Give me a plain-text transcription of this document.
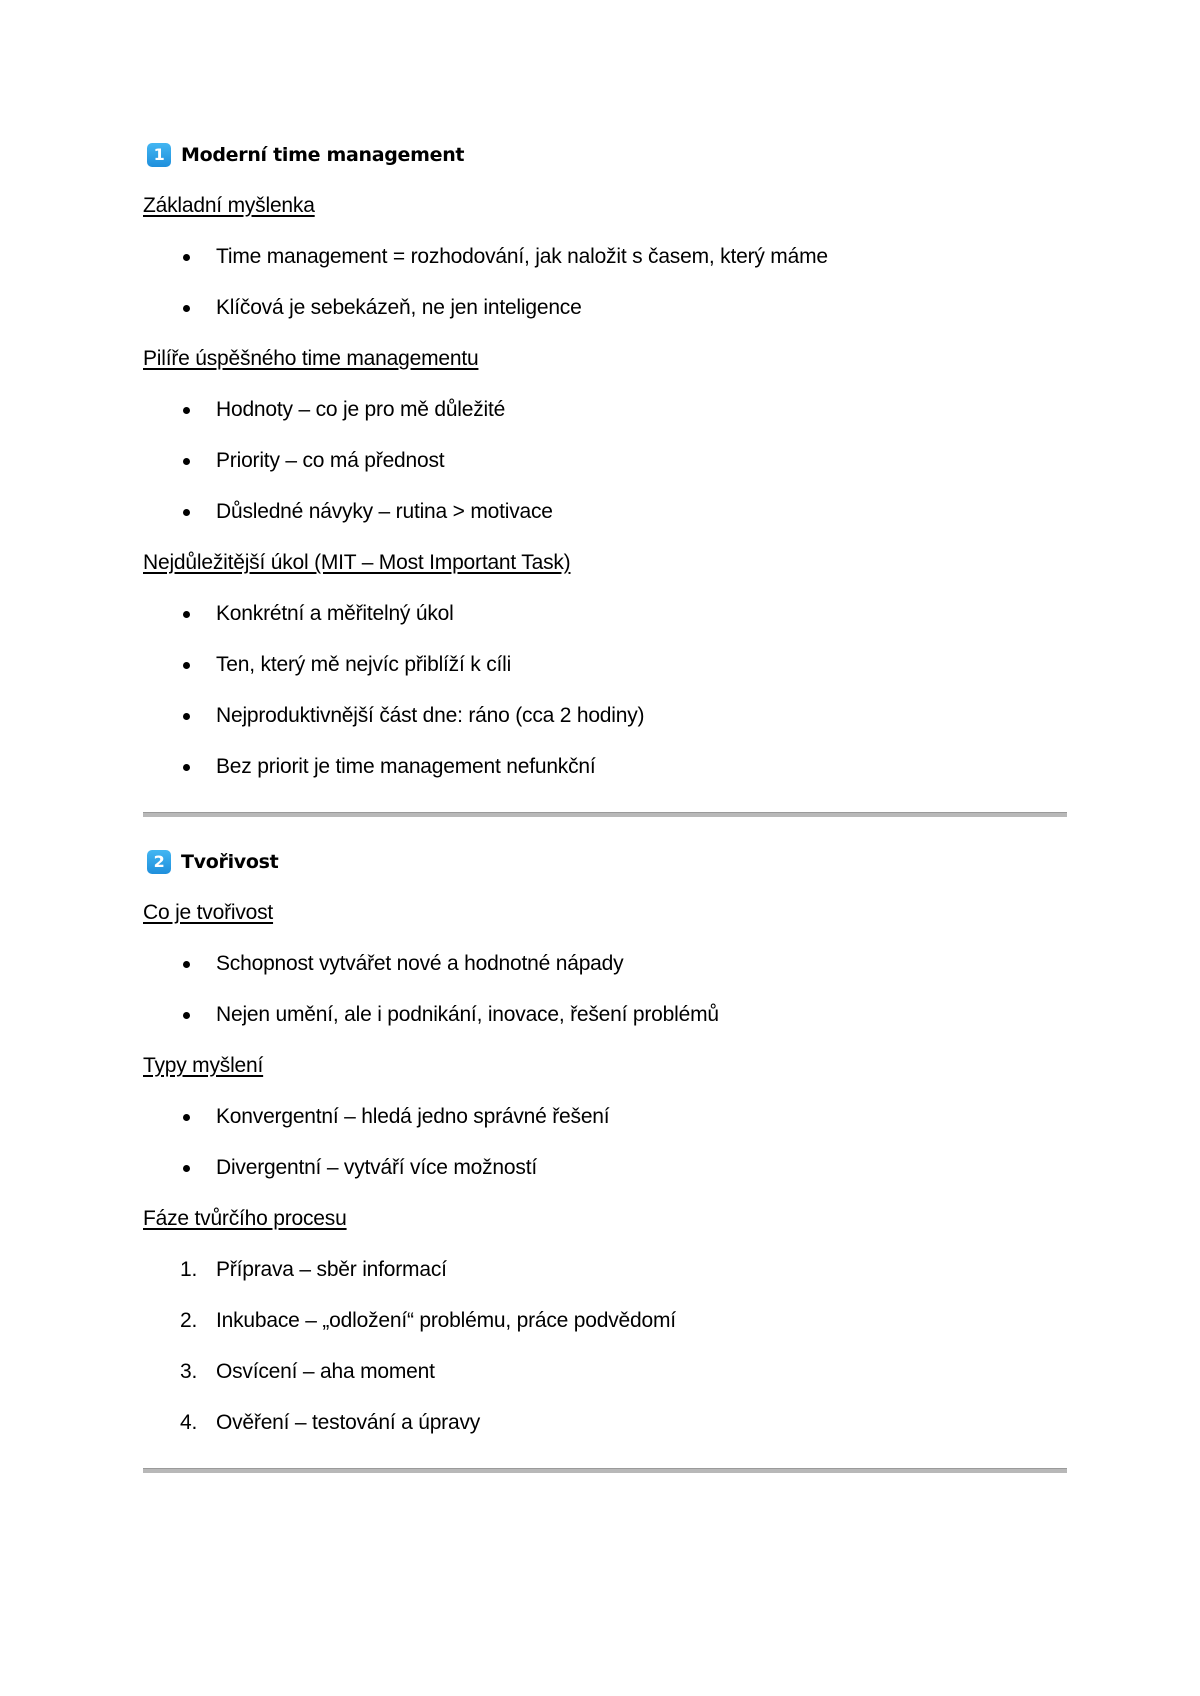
1 Moderní time management
Základní myšlenka
Time management = rozhodování, jak naložit s časem, který máme
Klíčová je sebekázeň, ne jen inteligence
Pilíře úspěšného time managementu
Hodnoty – co je pro mě důležité
Priority – co má přednost
Důsledné návyky – rutina > motivace
Nejdůležitější úkol (MIT – Most Important Task)
Konkrétní a měřitelný úkol
Ten, který mě nejvíc přiblíží k cíli
Nejproduktivnější část dne: ráno (cca 2 hodiny)
Bez priorit je time management nefunkční
2 Tvořivost
Co je tvořivost
Schopnost vytvářet nové a hodnotné nápady
Nejen umění, ale i podnikání, inovace, řešení problémů
Typy myšlení
Konvergentní – hledá jedno správné řešení
Divergentní – vytváří více možností
Fáze tvůrčího procesu
1. Příprava – sběr informací
2. Inkubace – „odložení“ problému, práce podvědomí
3. Osvícení – aha moment
4. Ověření – testování a úpravy
